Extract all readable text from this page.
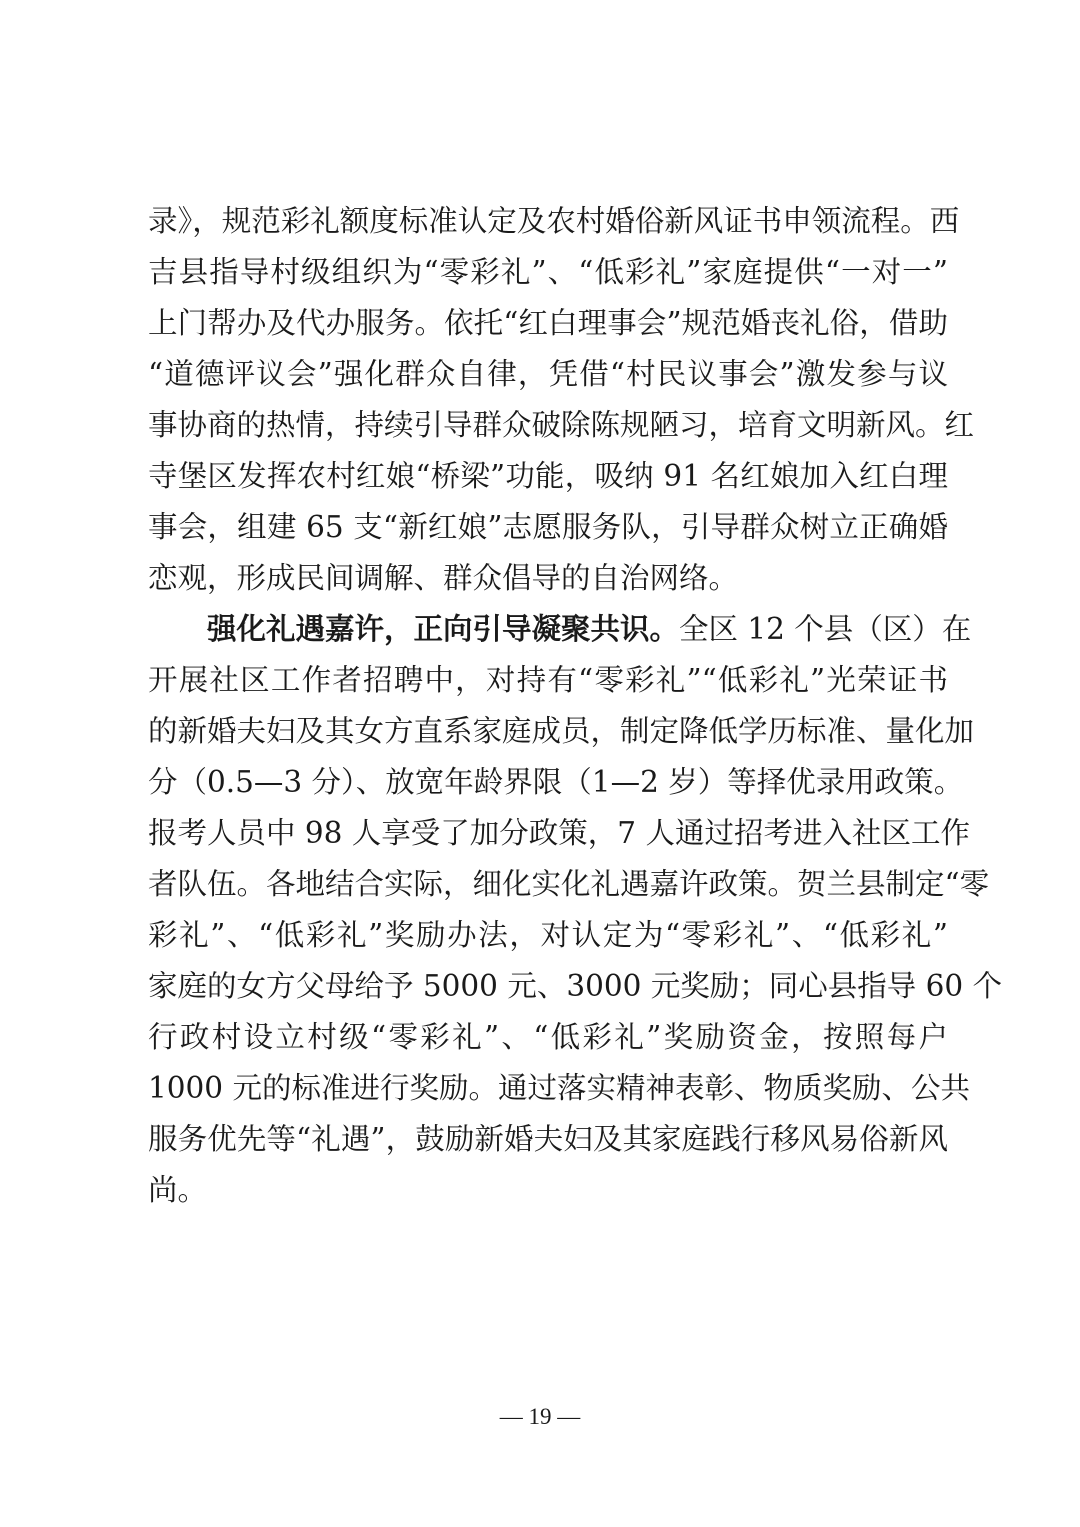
录》，规范彩礼额度标准认定及农村婚俗新风证书申领流程。西
吉县指导村级组织为“零彩礼”、“低彩礼”家庭提供“一对一”
上门帮办及代办服务。依托“红白理事会”规范婚丧礼俗，借助
“道德评议会”强化群众自律，凭借“村民议事会”激发参与议
事协商的热情，持续引导群众破除陈规陋习，培育文明新风。红
寺堡区发挥农村红娘“桥梁”功能，吸纳 91 名红娘加入红白理
事会，组建 65 支“新红娘”志愿服务队，引导群众树立正确婚
恋观，形成民间调解、群众倡导的自治网络。
强化礼遇嘉许，正向引导凝聚共识。全区 12 个县（区）在
开展社区工作者招聘中，对持有“零彩礼”“低彩礼”光荣证书
的新婚夫妇及其女方直系家庭成员，制定降低学历标准、量化加
分（0.5—3 分）、放宽年龄界限（1—2 岁）等择优录用政策。
报考人员中 98 人享受了加分政策，7 人通过招考进入社区工作
者队伍。各地结合实际，细化实化礼遇嘉许政策。贺兰县制定“零
彩礼”、“低彩礼”奖励办法，对认定为“零彩礼”、“低彩礼”
家庭的女方父母给予 5000 元、3000 元奖励；同心县指导 60 个
行政村设立村级“零彩礼”、“低彩礼”奖励资金，按照每户
1000 元的标准进行奖励。通过落实精神表彰、物质奖励、公共
服务优先等“礼遇”，鼓励新婚夫妇及其家庭践行移风易俗新风
尚。
— 19 —
